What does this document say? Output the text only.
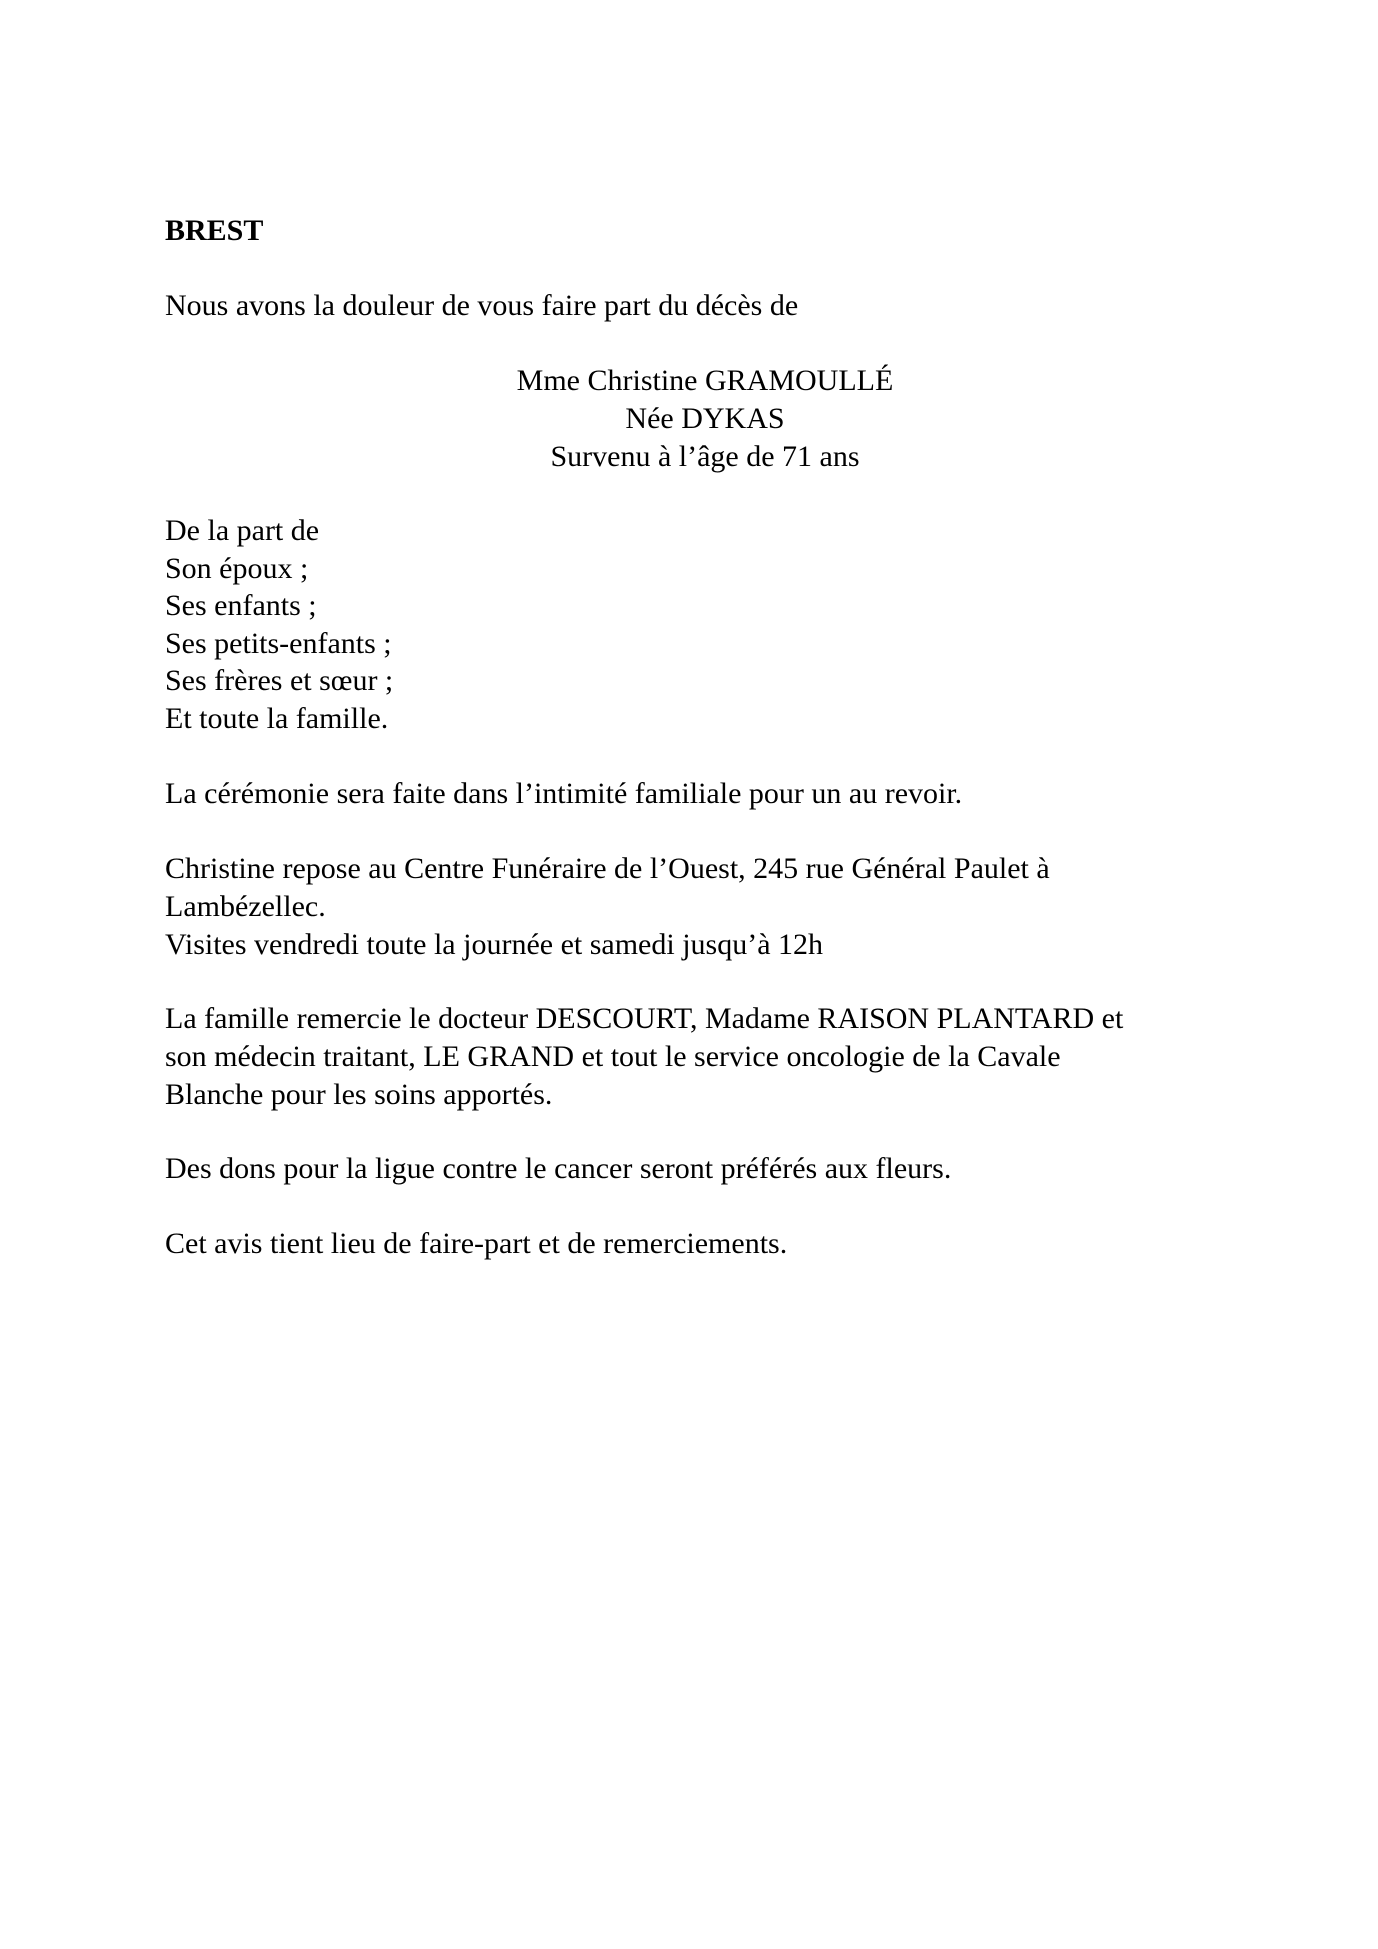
BREST
Nous avons la douleur de vous faire part du décès de
Mme Christine GRAMOULLÉ
Née DYKAS
Survenu à l’âge de 71 ans
De la part de
Son époux ;
Ses enfants ;
Ses petits-enfants ;
Ses frères et sœur ;
Et toute la famille.
La cérémonie sera faite dans l’intimité familiale pour un au revoir.
Christine repose au Centre Funéraire de l’Ouest, 245 rue Général Paulet à
Lambézellec.
Visites vendredi toute la journée et samedi jusqu’à 12h
La famille remercie le docteur DESCOURT, Madame RAISON PLANTARD et
son médecin traitant, LE GRAND et tout le service oncologie de la Cavale
Blanche pour les soins apportés.
Des dons pour la ligue contre le cancer seront préférés aux fleurs.
Cet avis tient lieu de faire-part et de remerciements.
